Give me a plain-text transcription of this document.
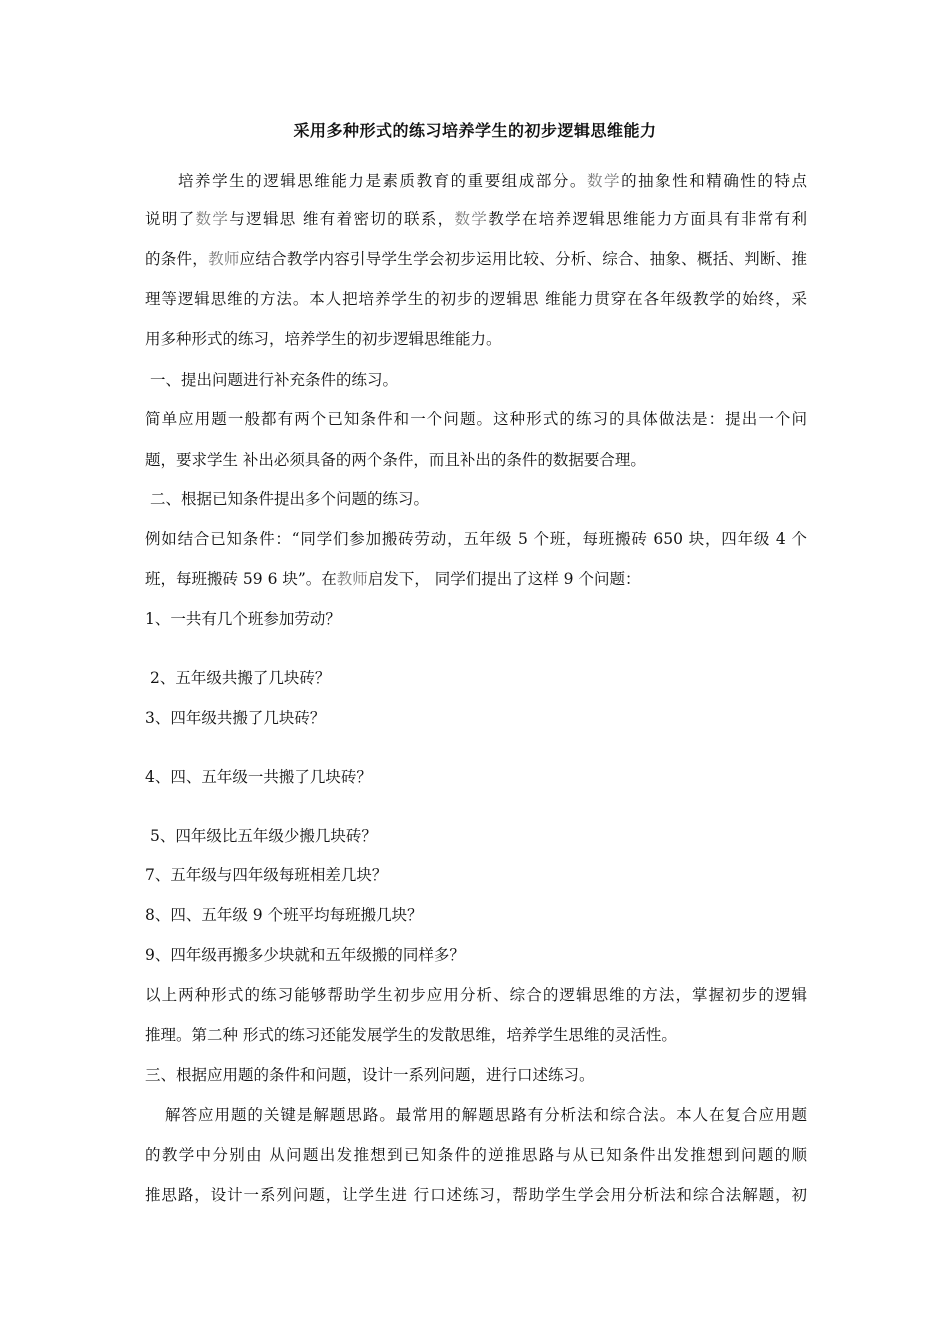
采用多种形式的练习培养学生的初步逻辑思维能力
培养学生的逻辑思维能力是素质教育的重要组成部分。数学的抽象性和精确性的特点
说明了数学与逻辑思 维有着密切的联系，数学教学在培养逻辑思维能力方面具有非常有利
的条件，教师应结合教学内容引导学生学会初步运用比较、分析、综合、抽象、概括、判断、推
理等逻辑思维的方法。本人把培养学生的初步的逻辑思 维能力贯穿在各年级教学的始终，采
用多种形式的练习，培养学生的初步逻辑思维能力。
一、提出问题进行补充条件的练习。
简单应用题一般都有两个已知条件和一个问题。这种形式的练习的具体做法是：提出一个问
题，要求学生 补出必须具备的两个条件，而且补出的条件的数据要合理。
二、根据已知条件提出多个问题的练习。
例如结合已知条件：“同学们参加搬砖劳动，五年级 5 个班，每班搬砖 650 块，四年级 4 个
班，每班搬砖 59 6 块”。在教师启发下， 同学们提出了这样 9 个问题：
1、一共有几个班参加劳动？
2、五年级共搬了几块砖？
3、四年级共搬了几块砖？
4、四、五年级一共搬了几块砖？
5、四年级比五年级少搬几块砖？
7、五年级与四年级每班相差几块？
8、四、五年级 9 个班平均每班搬几块？
9、四年级再搬多少块就和五年级搬的同样多？
以上两种形式的练习能够帮助学生初步应用分析、综合的逻辑思维的方法，掌握初步的逻辑
推理。第二种 形式的练习还能发展学生的发散思维，培养学生思维的灵活性。
三、根据应用题的条件和问题，设计一系列问题，进行口述练习。
解答应用题的关键是解题思路。最常用的解题思路有分析法和综合法。本人在复合应用题
的教学中分别由 从问题出发推想到已知条件的逆推思路与从已知条件出发推想到问题的顺
推思路，设计一系列问题，让学生进 行口述练习，帮助学生学会用分析法和综合法解题，初
